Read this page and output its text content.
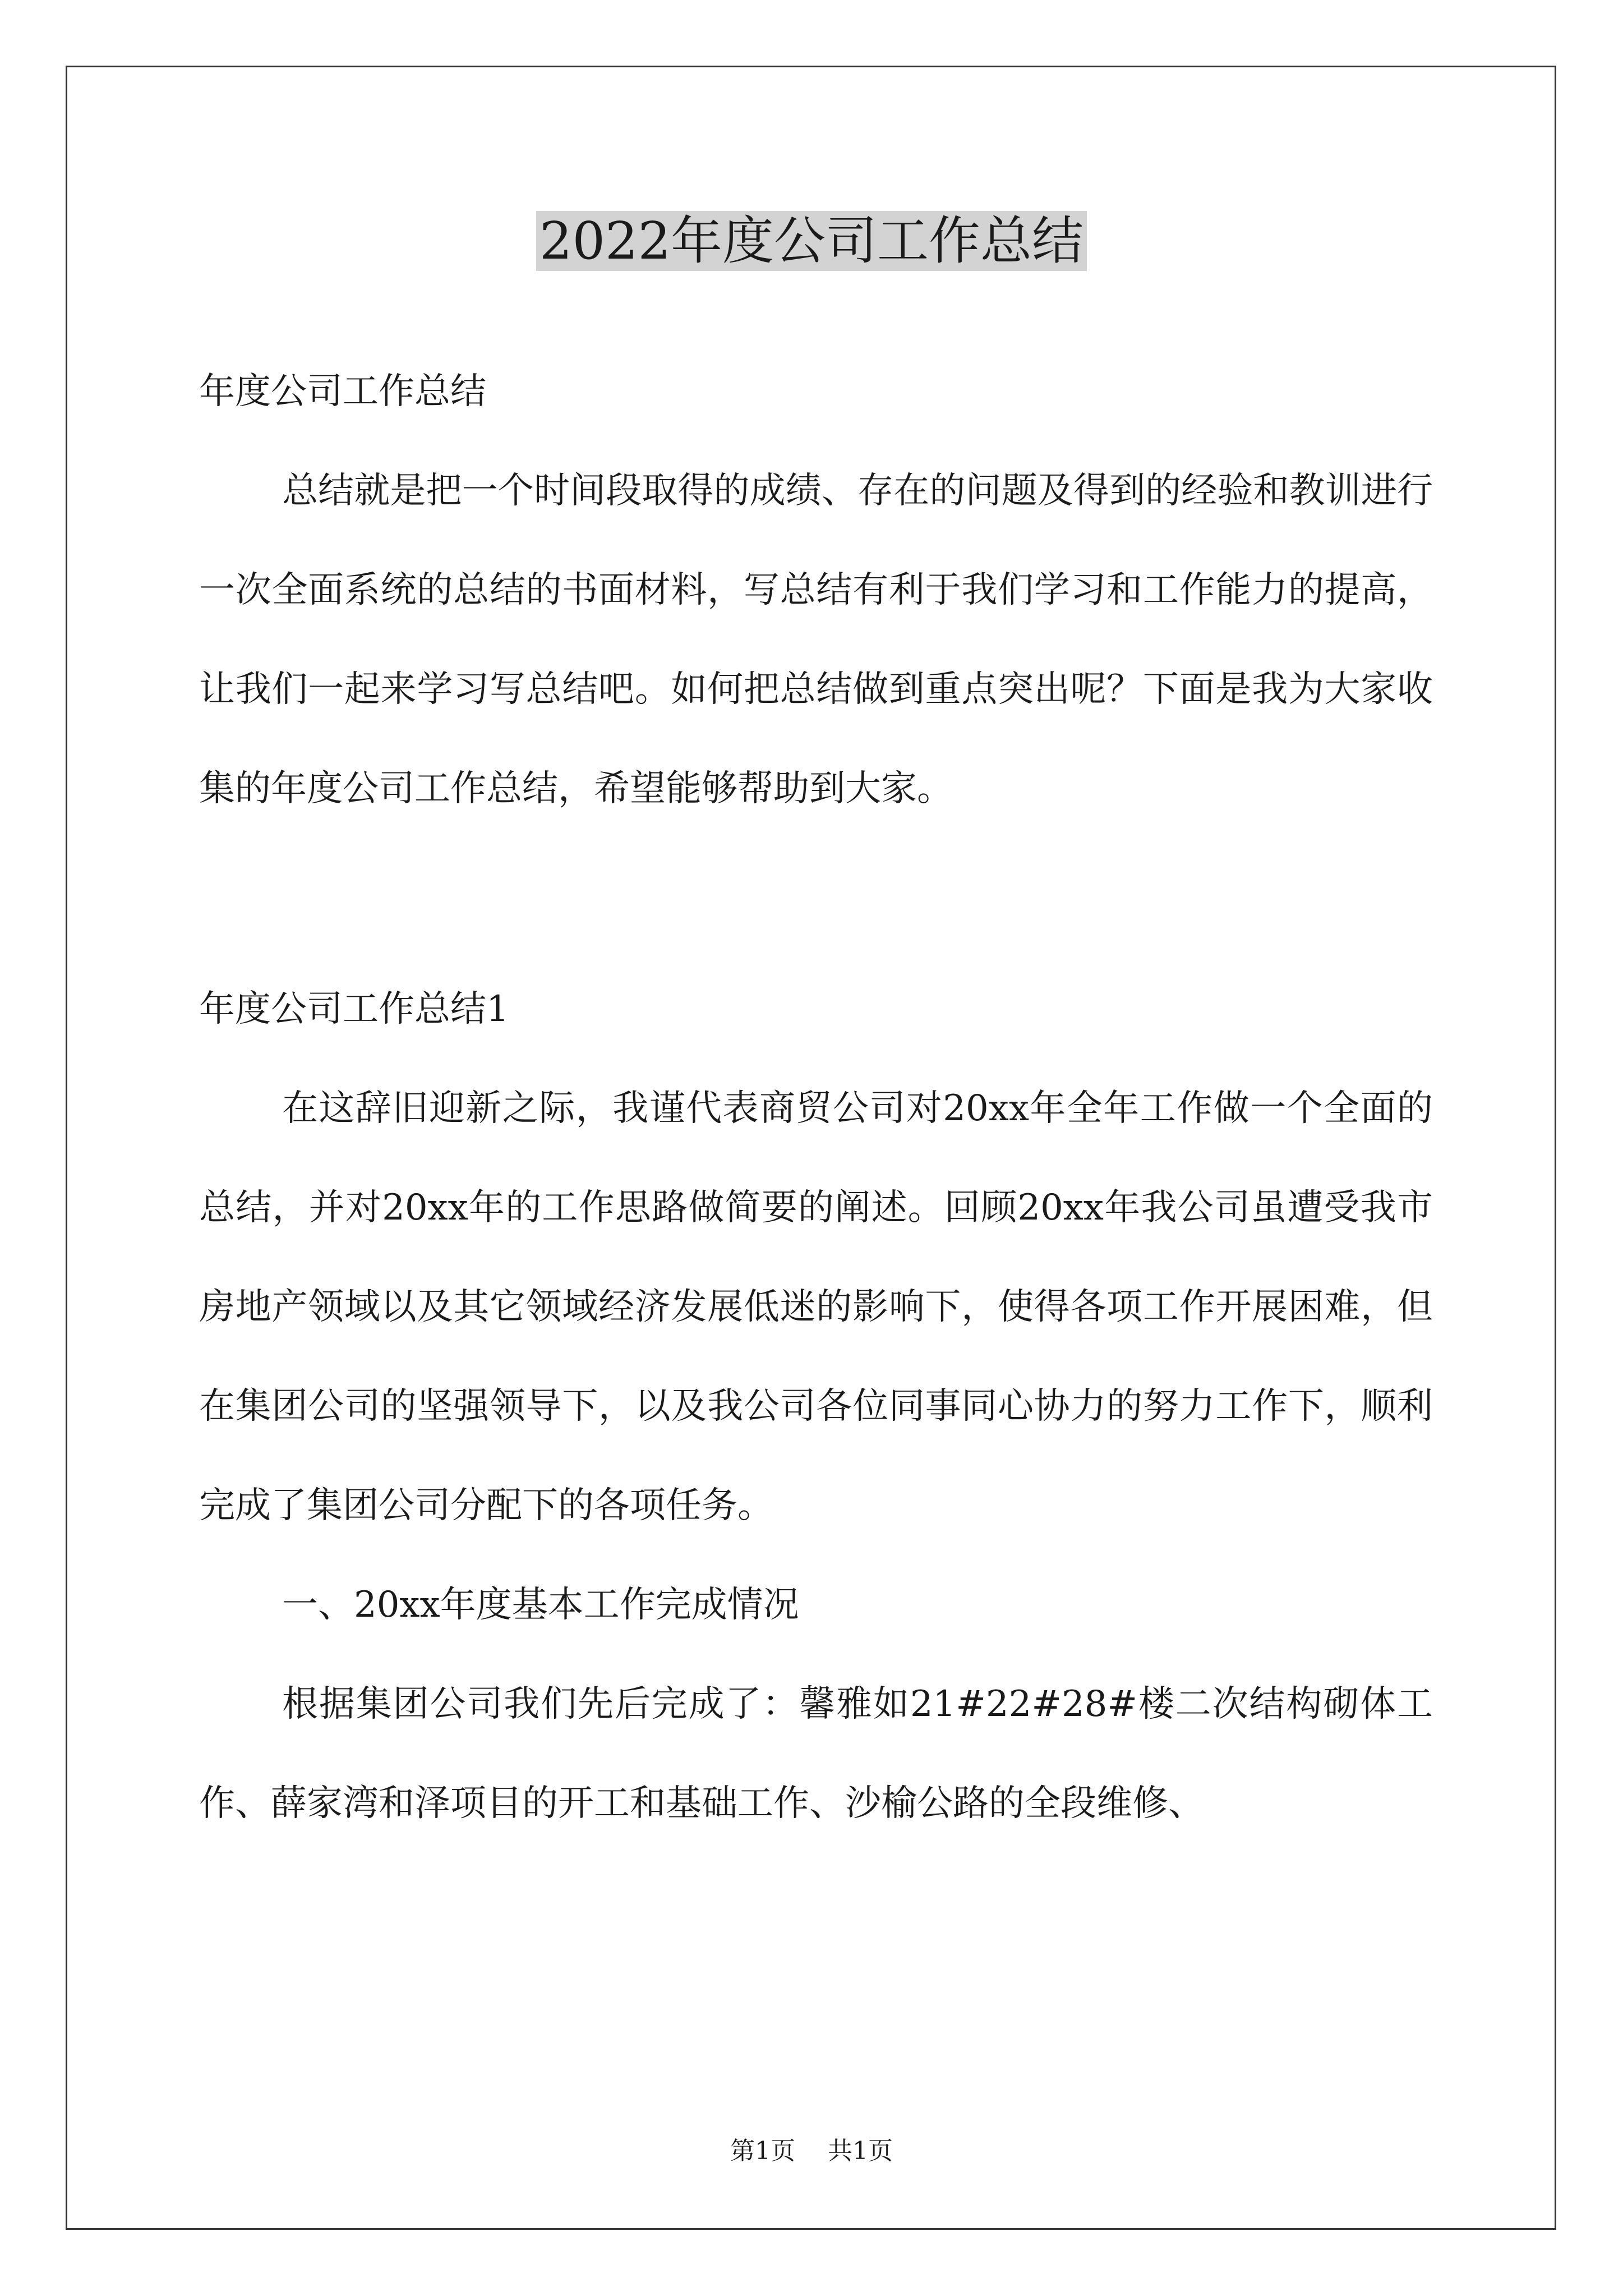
2022年度公司工作总结

年度公司工作总结

总结就是把一个时间段取得的成绩、存在的问题及得到的经验和教训进行一次全面系统的总结的书面材料，写总结有利于我们学习和工作能力的提高，让我们一起来学习写总结吧。如何把总结做到重点突出呢？下面是我为大家收集的年度公司工作总结，希望能够帮助到大家。

年度公司工作总结1

在这辞旧迎新之际，我谨代表商贸公司对20xx年全年工作做一个全面的总结，并对20xx年的工作思路做简要的阐述。回顾20xx年我公司虽遭受我市房地产领域以及其它领域经济发展低迷的影响下，使得各项工作开展困难，但在集团公司的坚强领导下，以及我公司各位同事同心协力的努力工作下，顺利完成了集团公司分配下的各项任务。

一、20xx年度基本工作完成情况

根据集团公司我们先后完成了：馨雅如21#22#28#楼二次结构砌体工作、薛家湾和泽项目的开工和基础工作、沙榆公路的全段维修、

第1页 共1页
